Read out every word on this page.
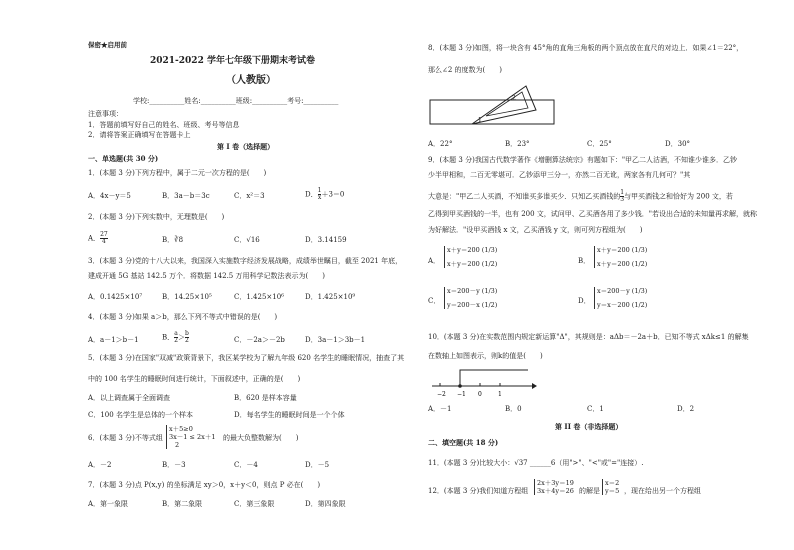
保密★启用前
2021-2022 学年七年级下册期末考试卷
（人教版）
学校:__________姓名:__________班级:__________考号:__________
注意事项：
1．答题前填写好自己的姓名、班级、考号等信息
2．请将答案正确填写在答题卡上
第 I 卷（选择题）
一、单选题(共 30 分)
1．(本题 3 分)下列方程中，属于二元一次方程的是(　　)
A．4x－y＝5	B．3a－b＝3c	C．x²＝3	D． $\frac{1}{x} +3=0$
2．(本题 3 分)下列实数中，无理数是(　　)
A． $\frac{27}{4}$	B．∛8	C．√16	D．3.14159
3．(本题 3 分)党的十八大以来，我国深入实施数字经济发展战略，成绩举世瞩目，截至 2021 年底，
建成开通 5G 基站 142.5 万个．将数据 142.5 万用科学记数法表示为(　　)
A．0.1425×10⁷	B．14.25×10⁵	C．1.425×10⁶	D．1.425×10⁹
4．(本题 3 分)如果 a＞b，那么下列不等式中错误的是(　　)
A．a－1＞b－1	B． $\frac{a}{2} > \frac{b}{2}$	C．－2a＞－2b	D．3a－1＞3b－1
5．(本题 3 分)在国家"双减"政策背景下，我区某学校为了解九年级 620 名学生的睡眠情况，抽查了其
中的 100 名学生的睡眠时间进行统计，下面叙述中，正确的是(　　)
A．以上调查属于全面调查	B．620 是样本容量
C．100 名学生是总体的一个样本	D．每名学生的睡眠时间是一个个体
6．(本题 3 分)不等式组
x＋5≥0
3x－1 ≤ 2x＋1
2
的最大负整数解为(　　)
A．－2	B．－3	C．－4	D．－5
7．(本题 3 分)点 P(x,y) 的坐标满足 xy＞0，x＋y＜0，则点 P 必在(　　)
A．第一象限	B．第二象限	C．第三象限	D．第四象限
8．(本题 3 分)如图，将一块含有 45°角的直角三角板的两个顶点放在直尺的对边上．如果∠1＝22°，
那么∠2 的度数为(　　)
2
1
A．22°	B．23°	C．25°	D．30°
9．(本题 3 分)我国古代数学著作《增删算法统宗》有题如下："甲乙二人沽酒，不知谁少谁多．乙钞
少半甲相和，二百无零堪可．乙钞添甲三分一，亦然二百无讹，两家各有几何可？"其
大意是："甲乙二人买酒，不知谁买多谁买少．只知乙买酒钱的 $\frac{1}{3}$ 与甲买酒钱之和恰好为 200 文，若
乙得到甲买酒钱的一半，也有 200 文，试问甲、乙买酒各用了多少钱．"若设出合适的未知量再求解，就称
为好解法．"设甲买酒钱 x 文，乙买酒钱 y 文，则可列方程组为(　　)
A．
x＋y＝200 (1/3)
x＋y＝200 (1/2)	B．
x＋y＝200 (1/3)
x＋y＝200 (1/2)
C．
x＝200－y (1/3)
y＝200－x (1/2)	D．
x＝200－y (1/3)
y＝x－200 (1/2)
10．(本题 3 分)在实数范围内规定新运算"Δ"，其规则是：aΔb＝－2a＋b．已知不等式 xΔk≤1 的解集
在数轴上如图表示，则k的值是(　　)
−2 −1 0	1
A．－1	B．0	C．1	D．2
第 II 卷（非选择题）
二、填空题(共 18 分)
11．(本题 3 分)比较大小：√37 ______6（用">"、"<"或"="连接）.
12．(本题 3 分)我们知道方程组
2x＋3y＝19
3x＋4y＝26 的解是
x＝2
y＝5 ，现在给出另一个方程组
